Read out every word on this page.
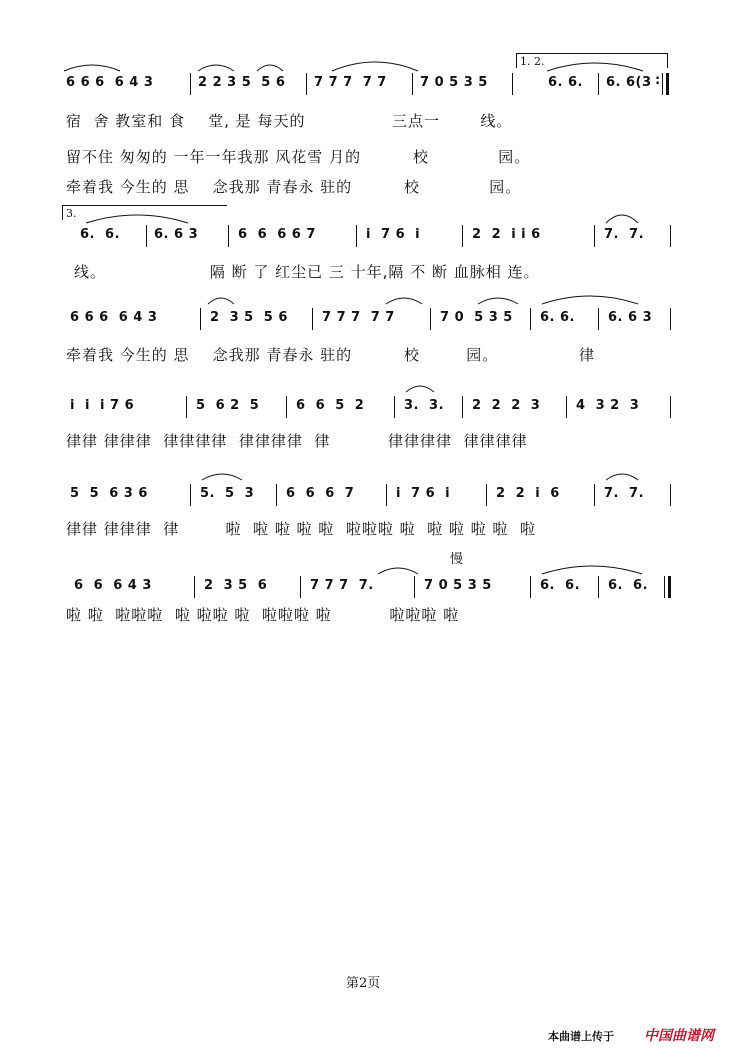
1. 2.
6 6 6  6 4 3	2 2 3 5  5 6 7 7 7  7 7	7 0 5 3 5	6. 6. 6. 6(3 :
宿  舍 教室和 食    堂, 是 每天的               三点一       线。
留不住 匆匆的 一年一年我那 风花雪 月的         校            园。
牵着我 今生的 思    念我那 青春永 驻的         校            园。
3.
6.  6.	6. 6 3	6  6  6 6 7	i  7 6  i	2  2  i i 6	7.  7.
线。                  隔 断 了 红尘已 三 十年,隔 不 断 血脉相 连。
6 6 6  6 4 3	2  3 5  5 6	7 7 7  7 7	7 0  5 3 5 6. 6.	6. 6 3
牵着我 今生的 思    念我那 青春永 驻的         校        园。              律
i  i  i 7 6	5  6 2  5	6  6  5  2	3.  3. 2  2  2  3	4  3 2  3
律律 律律律  律律律律  律律律律  律          律律律律  律律律律
5  5  6 3 6	5.  5  3 6  6  6  7	i  7 6  i	2  2  i  6	7.  7.
律律 律律律  律        啦  啦 啦 啦 啦  啦啦啦 啦  啦 啦 啦 啦  啦
慢
6  6  6 4 3	2  3 5  6	7 7 7  7.	7 0 5 3 5	6.  6. 6.  6.
啦 啦  啦啦啦  啦 啦啦 啦  啦啦啦 啦          啦啦啦 啦
第2页
本曲谱上传于 中国曲谱网
